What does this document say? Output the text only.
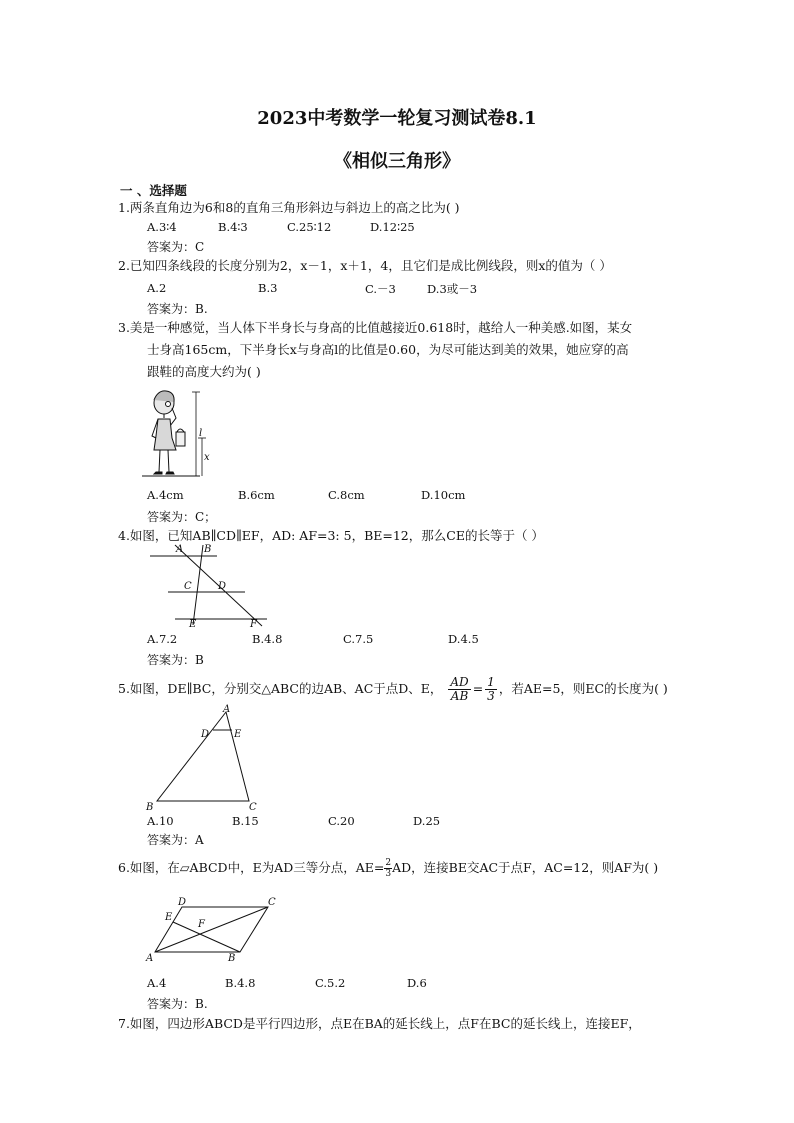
2023中考数学一轮复习测试卷8.1
《相似三角形》
一 、选择题
1.两条直角边为6和8的直角三角形斜边与斜边上的高之比为( )
A.3∶4	B.4∶3	C.25∶12	D.12∶25
答案为：C
2.已知四条线段的长度分别为2，x－1，x＋1，4，且它们是成比例线段，则x的值为（ ）
A.2	B.3	C.－3	D.3或－3
答案为：B.
3.美是一种感觉，当人体下半身长与身高的比值越接近0.618时，越给人一种美感.如图，某女
士身高165cm，下半身长x与身高l的比值是0.60，为尽可能达到美的效果，她应穿的高
跟鞋的高度大约为( )
l
x
A.4cm	B.6cm	C.8cm	D.10cm
答案为：C；
4.如图，已知AB∥CD∥EF，AD: AF=3: 5，BE=12，那么CE的长等于（ ）
A B
C	D
E	F
A.7.2	B.4.8	C.7.5	D.4.5
答案为：B
5.如图，DE∥BC，分别交△ABC的边AB、AC于点D、E， $\frac{AD}{AB} = \frac{1}{3}$ ，若AE=5，则EC的长度为( )
A
D E
B	C
A.10	B.15	C.20	D.25
答案为：A
6.如图，在▱ABCD中，E为AD三等分点，$AE= \frac{2}{3}$ AD，连接BE交AC于点F，AC=12，则AF为( )
D	C
E
F
A	B
A.4	B.4.8	C.5.2	D.6
答案为：B.
7.如图，四边形ABCD是平行四边形，点E在BA的延长线上，点F在BC的延长线上，连接EF，
